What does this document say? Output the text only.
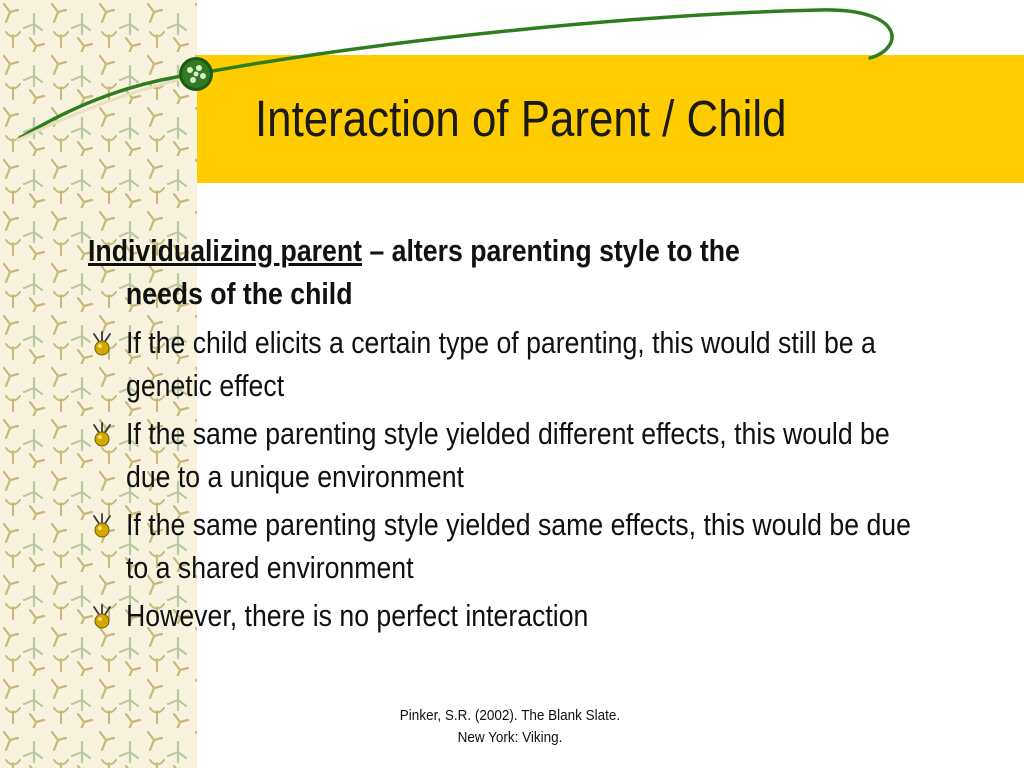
Interaction of Parent / Child

Individualizing parent – alters parenting style to the
needs of the child

If the child elicits a certain type of parenting, this would still be a genetic effect
If the same parenting style yielded different effects, this would be due to a unique environment
If the same parenting style yielded same effects, this would be due to a shared environment
However, there is no perfect interaction
Pinker, S.R. (2002). The Blank Slate.
New York: Viking.
